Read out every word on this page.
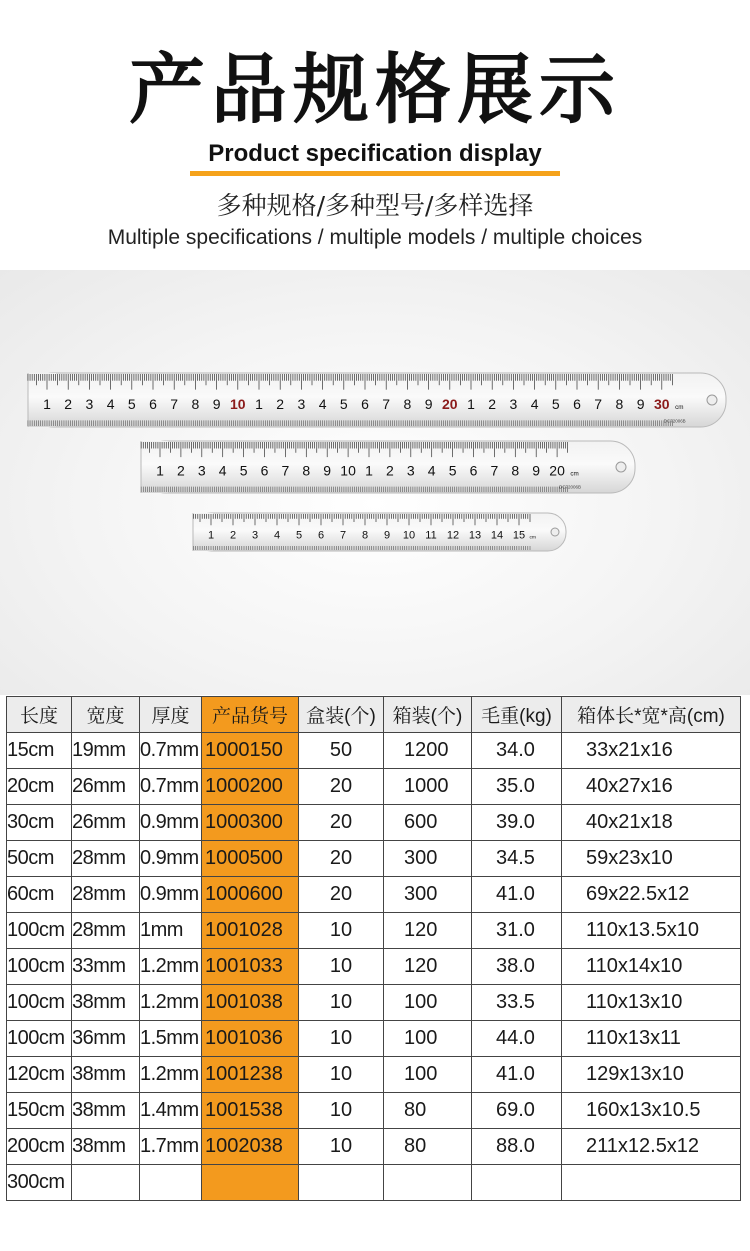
产品规格展示
Product specification display
多种规格/多种型号/多样选择
Multiple specifications / multiple models / multiple choices
1 2 3 4 5 6 7 8 9 10 1 2 3 4 5 6 7 8 9 20 1 2 3 4 5 6 7 8 9 30 cm
DC72006B
1 2 3 4 5 6 7 8 9 10 1 2 3 4 5 6 7 8 9 20 cm
DC72006B
1 2 3 4 5 6 7 8 9 10 11 12 13 14 15 cm
长度	宽度	厚度	产品货号	盒装(个)	箱装(个)	毛重(kg)	箱体长*宽*高(cm)
15cm	19mm	0.7mm	1000150	50	1200	34.0	33x21x16
20cm	26mm	0.7mm	1000200	20	1000	35.0	40x27x16
30cm	26mm	0.9mm	1000300	20	600	39.0	40x21x18
50cm	28mm	0.9mm	1000500	20	300	34.5	59x23x10
60cm	28mm	0.9mm	1000600	20	300	41.0	69x22.5x12
100cm	28mm	1mm	1001028	10	120	31.0	110x13.5x10
100cm	33mm	1.2mm	1001033	10	120	38.0	110x14x10
100cm	38mm	1.2mm	1001038	10	100	33.5	110x13x10
100cm	36mm	1.5mm	1001036	10	100	44.0	110x13x11
120cm	38mm	1.2mm	1001238	10	100	41.0	129x13x10
150cm	38mm	1.4mm	1001538	10	80	69.0	160x13x10.5
200cm	38mm	1.7mm	1002038	10	80	88.0	211x12.5x12
300cm							
